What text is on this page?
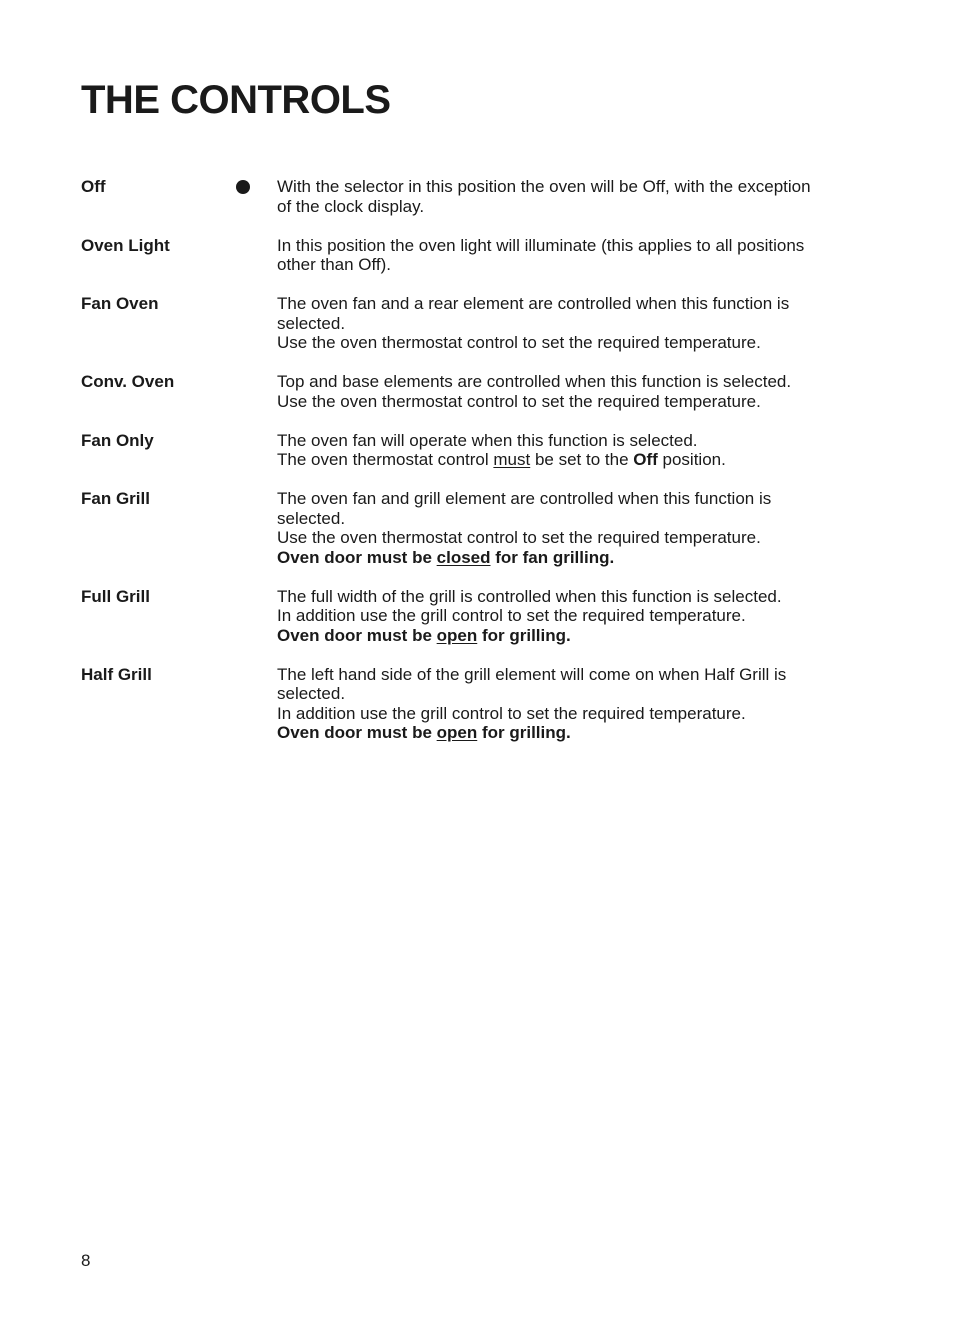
THE CONTROLS
Off	With the selector in this position the oven will be Off, with the exception
of the clock display.
Oven Light	In this position the oven light will illuminate (this applies to all positions
other than Off).
Fan Oven	The oven fan and a rear element are controlled when this function is
selected.
Use the oven thermostat control to set the required temperature.
Conv. Oven	Top and base elements are controlled when this function is selected.
Use the oven thermostat control to set the required temperature.
Fan Only	The oven fan will operate when this function is selected.
The oven thermostat control must be set to the Off position.
Fan Grill	The oven fan and grill element are controlled when this function is
selected.
Use the oven thermostat control to set the required temperature.
Oven door must be closed for fan grilling.
Full Grill	The full width of the grill is controlled when this function is selected.
In addition use the grill control to set the required temperature.
Oven door must be open for grilling.
Half Grill	The left hand side of the grill element will come on when Half Grill is
selected.
In addition use the grill control to set the required temperature.
Oven door must be open for grilling.
8
